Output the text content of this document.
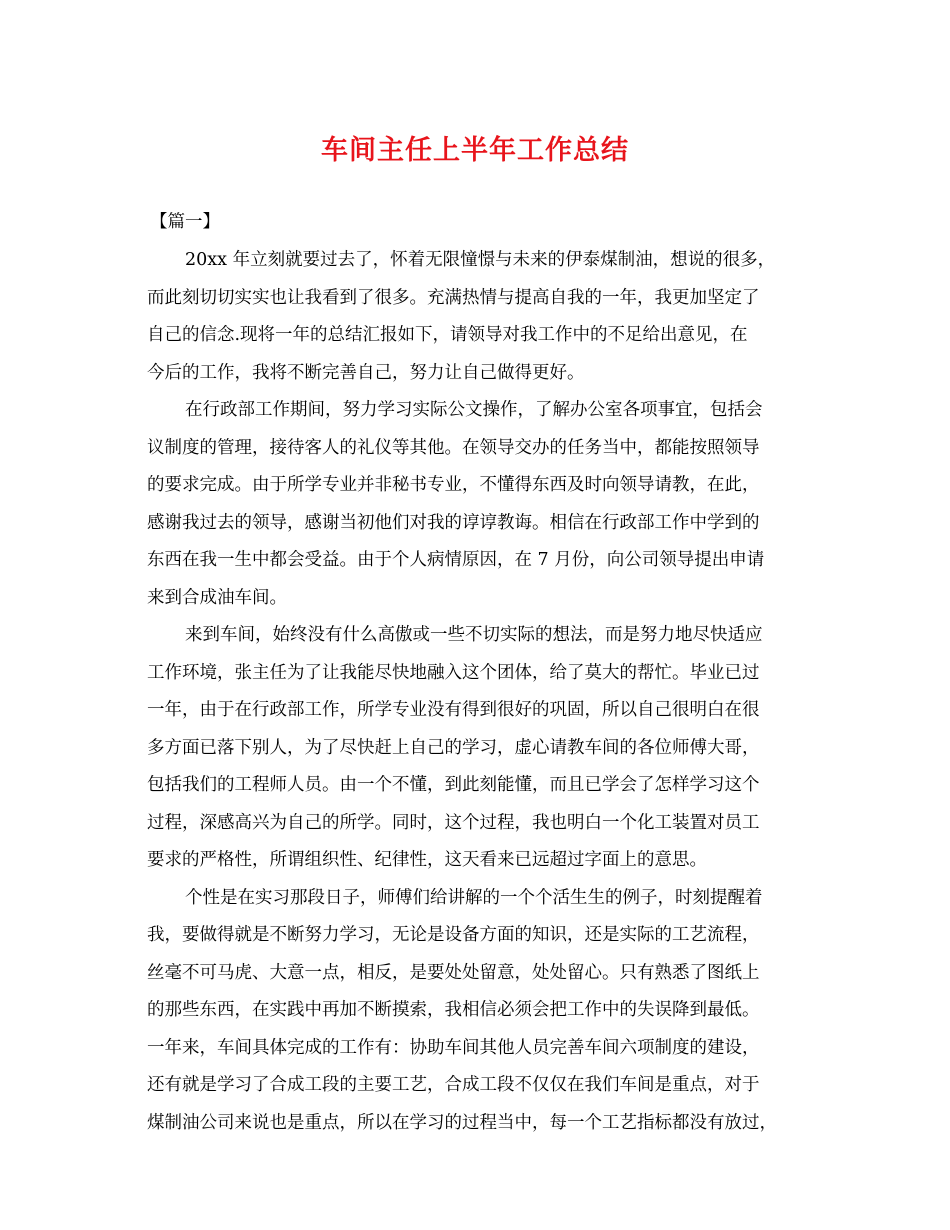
车间主任上半年工作总结
【篇一】
20xx 年立刻就要过去了，怀着无限憧憬与未来的伊泰煤制油，想说的很多，
而此刻切切实实也让我看到了很多。充满热情与提高自我的一年，我更加坚定了
自己的信念.现将一年的总结汇报如下，请领导对我工作中的不足给出意见，在
今后的工作，我将不断完善自己，努力让自己做得更好。
在行政部工作期间，努力学习实际公文操作，了解办公室各项事宜，包括会
议制度的管理，接待客人的礼仪等其他。在领导交办的任务当中，都能按照领导
的要求完成。由于所学专业并非秘书专业，不懂得东西及时向领导请教，在此，
感谢我过去的领导，感谢当初他们对我的谆谆教诲。相信在行政部工作中学到的
东西在我一生中都会受益。由于个人病情原因，在 7 月份，向公司领导提出申请
来到合成油车间。
来到车间，始终没有什么高傲或一些不切实际的想法，而是努力地尽快适应
工作环境，张主任为了让我能尽快地融入这个团体，给了莫大的帮忙。毕业已过
一年，由于在行政部工作，所学专业没有得到很好的巩固，所以自己很明白在很
多方面已落下别人，为了尽快赶上自己的学习，虚心请教车间的各位师傅大哥，
包括我们的工程师人员。由一个不懂，到此刻能懂，而且已学会了怎样学习这个
过程，深感高兴为自己的所学。同时，这个过程，我也明白一个化工装置对员工
要求的严格性，所谓组织性、纪律性，这天看来已远超过字面上的意思。
个性是在实习那段日子，师傅们给讲解的一个个活生生的例子，时刻提醒着
我，要做得就是不断努力学习，无论是设备方面的知识，还是实际的工艺流程，
丝毫不可马虎、大意一点，相反，是要处处留意，处处留心。只有熟悉了图纸上
的那些东西，在实践中再加不断摸索，我相信必须会把工作中的失误降到最低。
一年来，车间具体完成的工作有：协助车间其他人员完善车间六项制度的建设，
还有就是学习了合成工段的主要工艺，合成工段不仅仅在我们车间是重点，对于
煤制油公司来说也是重点，所以在学习的过程当中，每一个工艺指标都没有放过，
